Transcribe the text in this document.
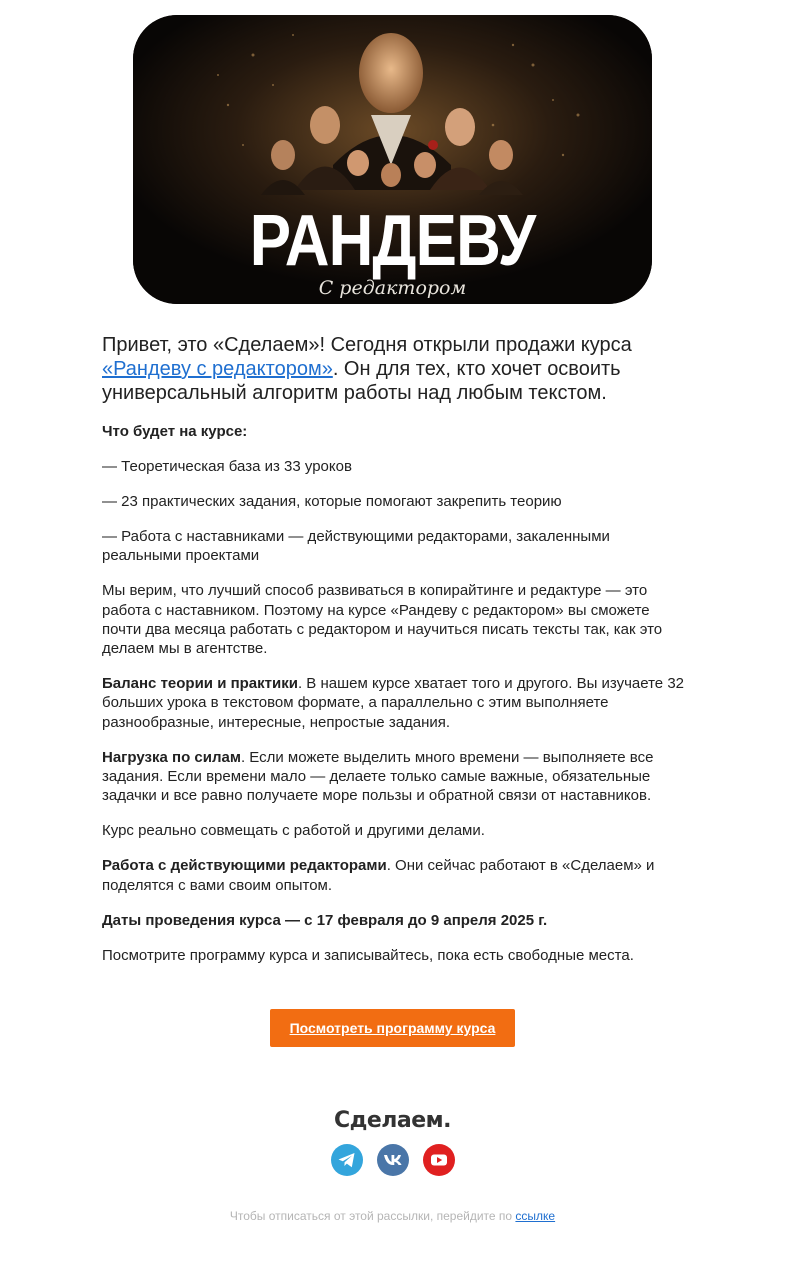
РАНДЕВУ
С редактором

Привет, это «Сделаем»! Сегодня открыли продажи курса «Рандеву с редактором». Он для тех, кто хочет освоить универсальный алгоритм работы над любым текстом.

Что будет на курсе:

— Теоретическая база из 33 уроков

— 23 практических задания, которые помогают закрепить теорию

— Работа с наставниками — действующими редакторами, закаленными реальными проектами

Мы верим, что лучший способ развиваться в копирайтинге и редактуре — это работа с наставником. Поэтому на курсе «Рандеву с редактором» вы сможете почти два месяца работать с редактором и научиться писать тексты так, как это делаем мы в агентстве.

Баланс теории и практики. В нашем курсе хватает того и другого. Вы изучаете 32 больших урока в текстовом формате, а параллельно с этим выполняете разнообразные, интересные, непростые задания.

Нагрузка по силам. Если можете выделить много времени — выполняете все задания. Если времени мало — делаете только самые важные, обязательные задачки и все равно получаете море пользы и обратной связи от наставников.

Курс реально совмещать с работой и другими делами.

Работа с действующими редакторами. Они сейчас работают в «Сделаем» и поделятся с вами своим опытом.

Даты проведения курса — с 17 февраля до 9 апреля 2025 г.

Посмотрите программу курса и записывайтесь, пока есть свободные места.

Посмотреть программу курса
Сделаем.
Чтобы отписаться от этой рассылки, перейдите по ссылке
